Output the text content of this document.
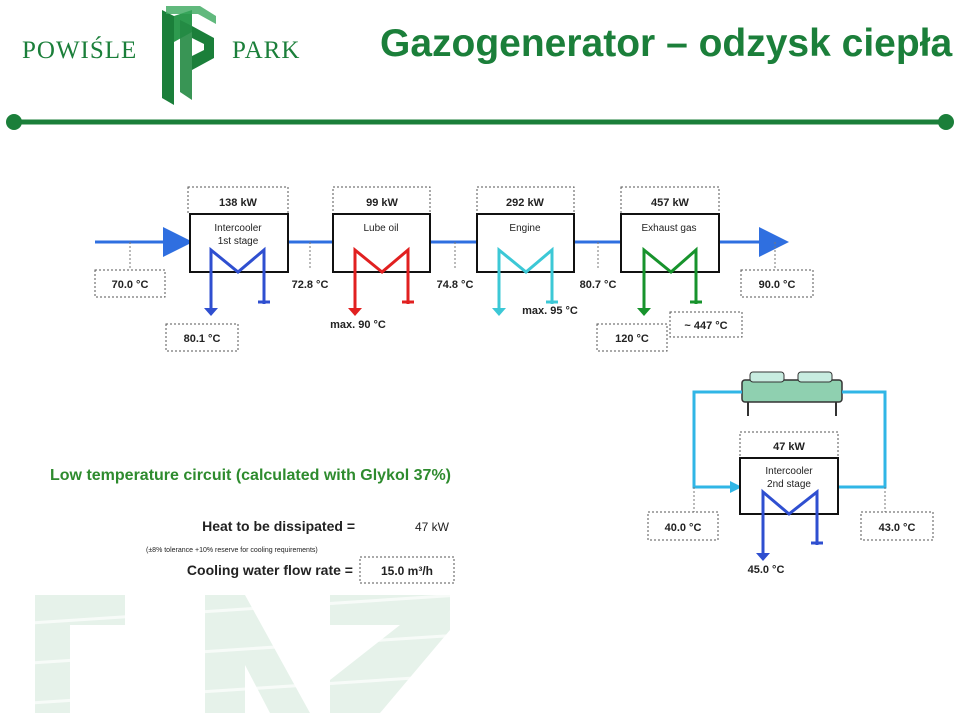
POWIŚLE	PARK Gazogenerator – odzysk ciepła
138 kW
Intercooler
1st stage
99 kW
Lube oil
292 kW
Engine
457 kW
Exhaust gas
70.0 °C	72.8 °C	74.8 °C	80.7 °C	90.0 °C
80.1 °C
max. 90 °C
max. 95 °C
120 °C
~ 447 °C
47 kW
Intercooler
2nd stage
40.0 °C	43.0 °C
45.0 °C
Low temperature circuit (calculated with Glykol 37%)
Heat to be dissipated =	47 kW
(±8% tolerance +10% reserve for cooling requirements)
Cooling water flow rate = 15.0 m³/h
